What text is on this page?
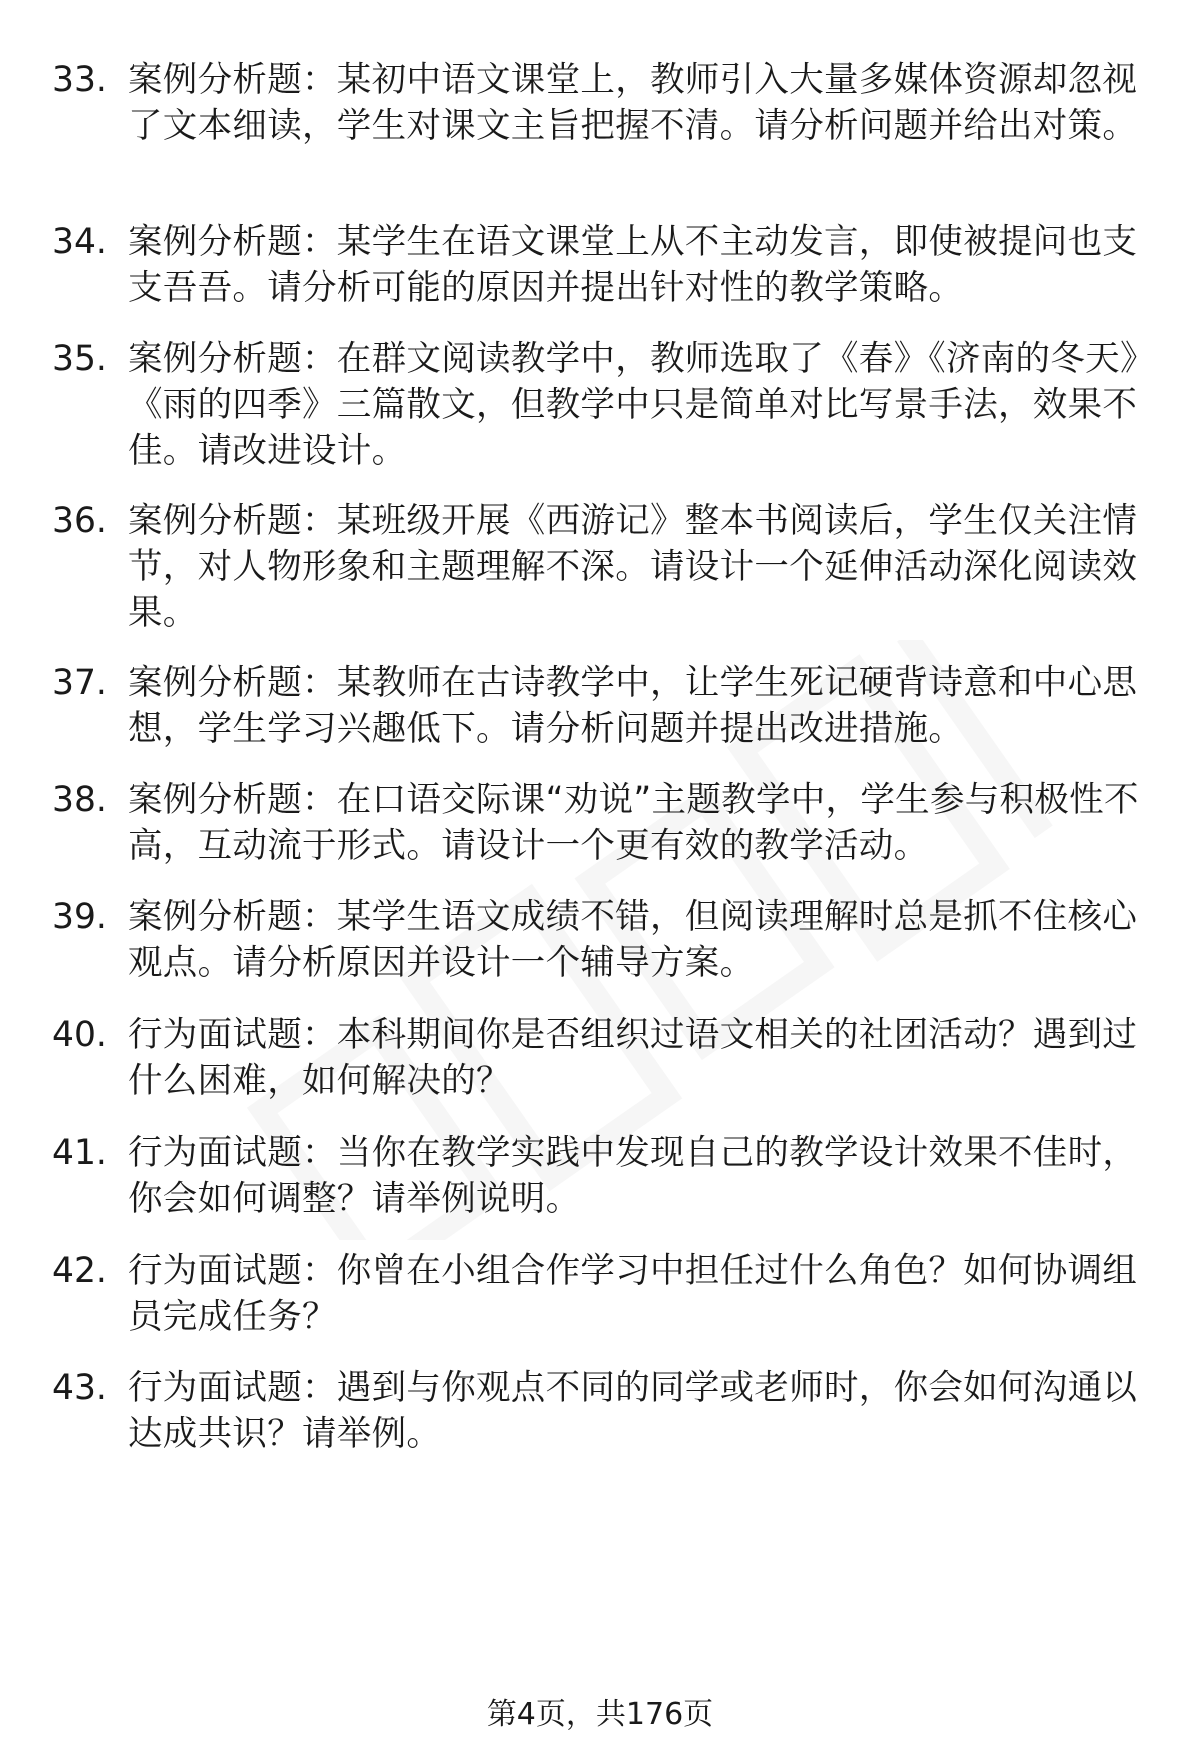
33. 案例分析题：某初中语文课堂上，教师引入大量多媒体资源却忽视了文本细读，学生对课文主旨把握不清。请分析问题并给出对策。
34. 案例分析题：某学生在语文课堂上从不主动发言，即使被提问也支支吾吾。请分析可能的原因并提出针对性的教学策略。
35. 案例分析题：在群文阅读教学中，教师选取了《春》《济南的冬天》《雨的四季》三篇散文，但教学中只是简单对比写景手法，效果不佳。请改进设计。
36. 案例分析题：某班级开展《西游记》整本书阅读后，学生仅关注情节，对人物形象和主题理解不深。请设计一个延伸活动深化阅读效果。
37. 案例分析题：某教师在古诗教学中，让学生死记硬背诗意和中心思想，学生学习兴趣低下。请分析问题并提出改进措施。
38. 案例分析题：在口语交际课“劝说”主题教学中，学生参与积极性不高，互动流于形式。请设计一个更有效的教学活动。
39. 案例分析题：某学生语文成绩不错，但阅读理解时总是抓不住核心观点。请分析原因并设计一个辅导方案。
40. 行为面试题：本科期间你是否组织过语文相关的社团活动？遇到过什么困难，如何解决的？
41. 行为面试题：当你在教学实践中发现自己的教学设计效果不佳时，你会如何调整？请举例说明。
42. 行为面试题：你曾在小组合作学习中担任过什么角色？如何协调组员完成任务？
43. 行为面试题：遇到与你观点不同的同学或老师时，你会如何沟通以达成共识？请举例。
第4页，共176页
